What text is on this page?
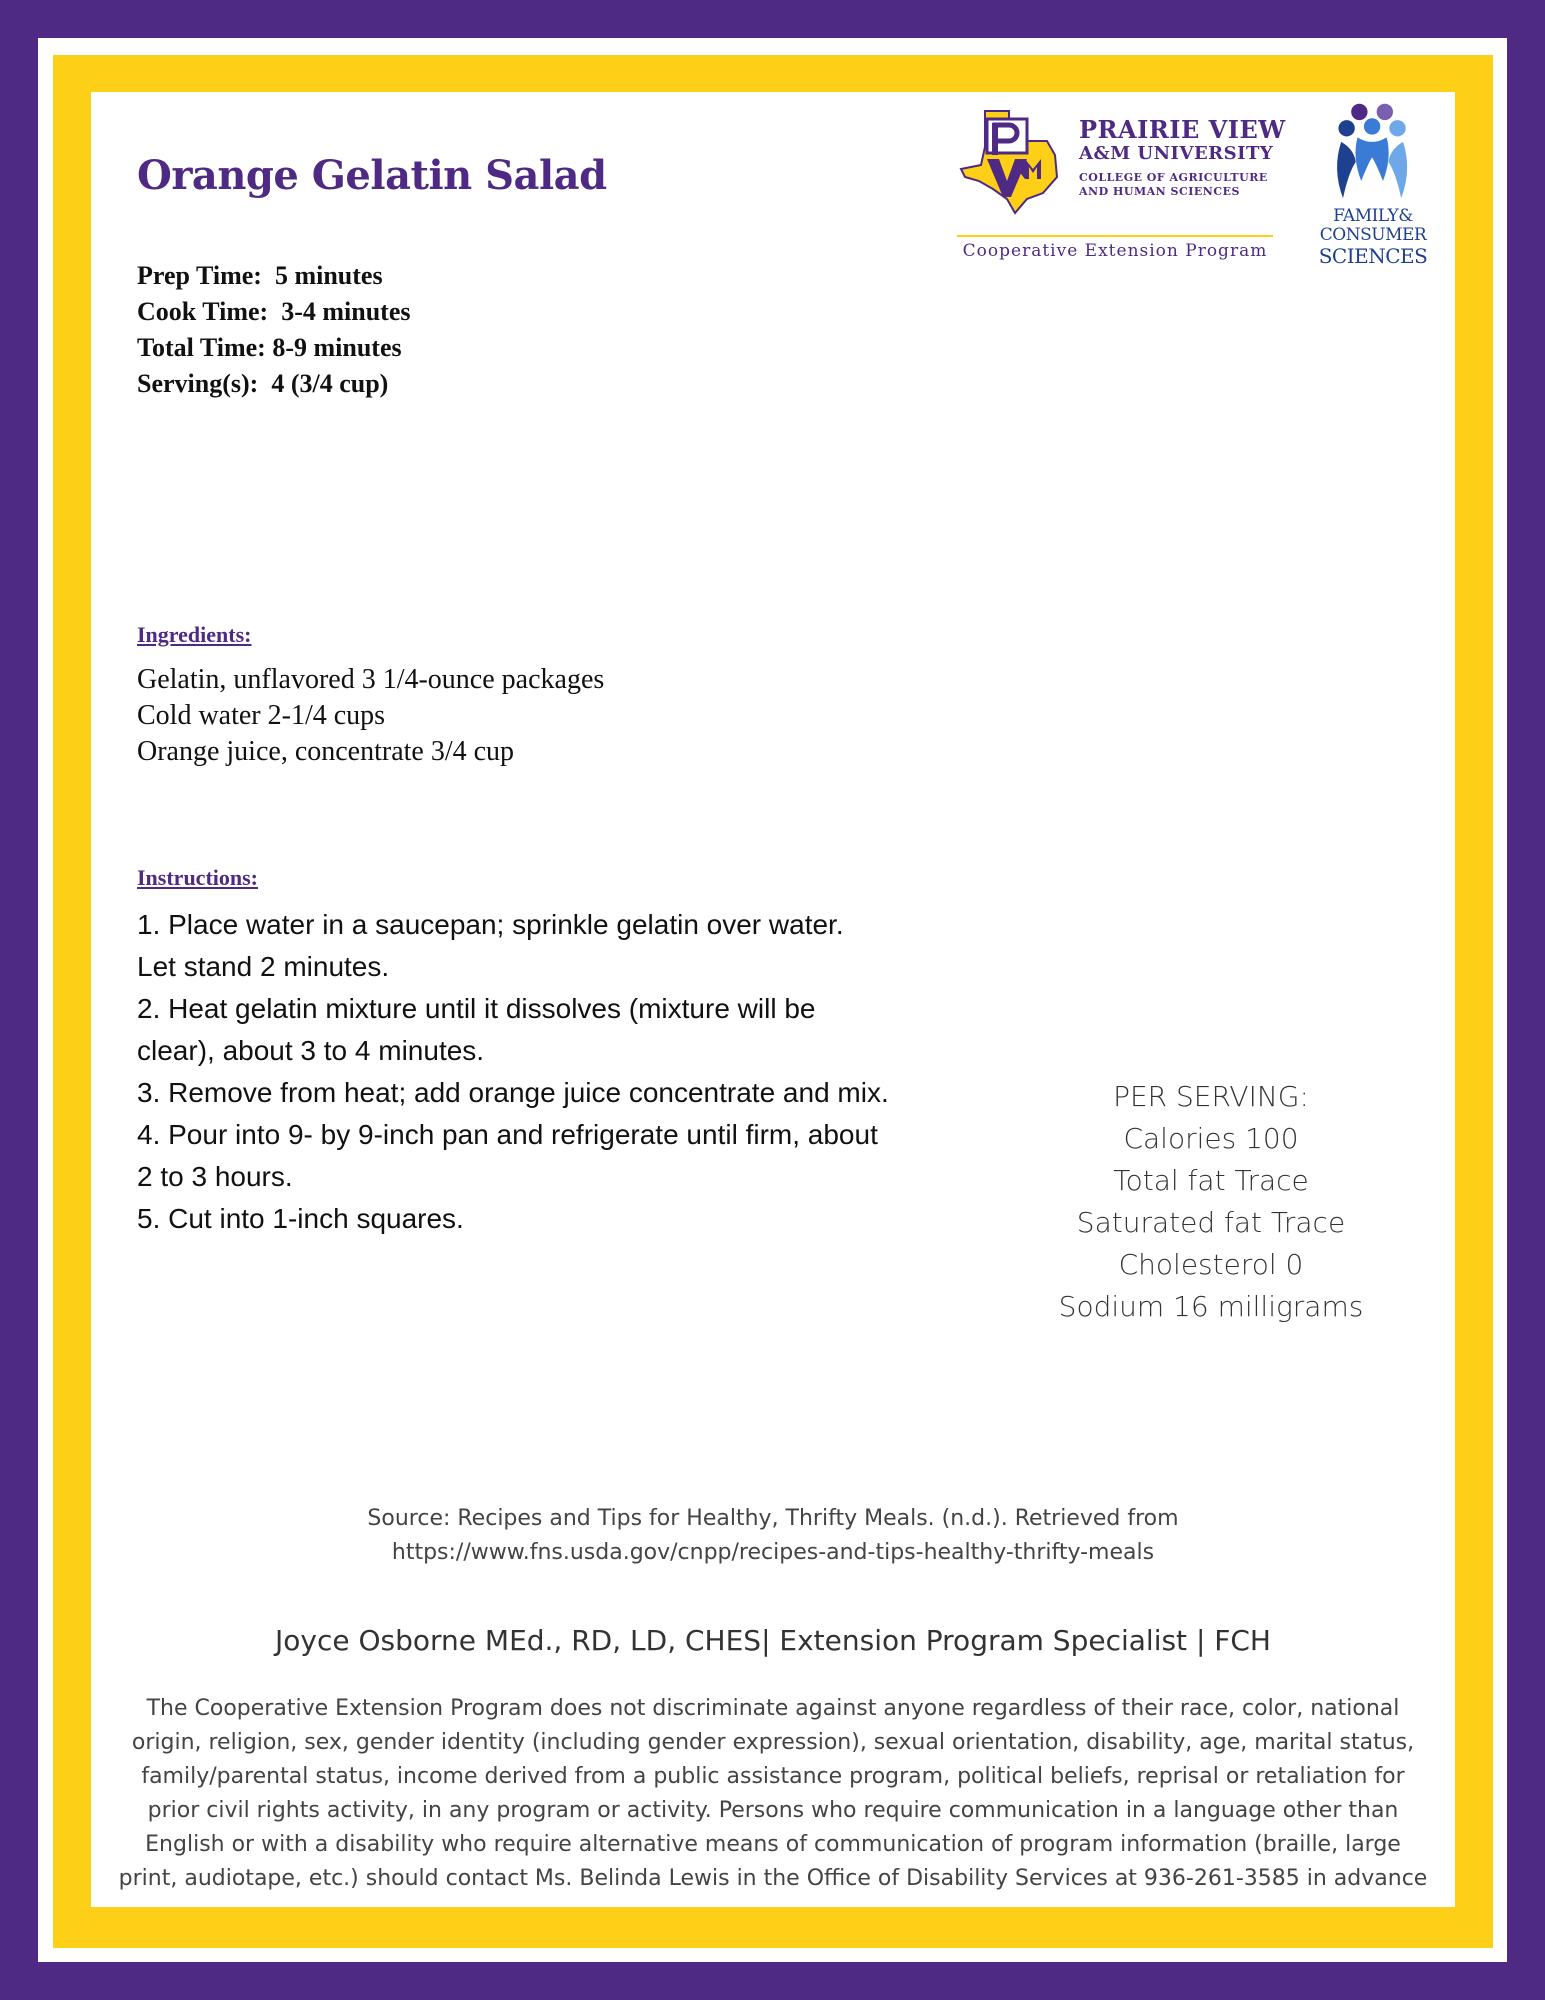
Orange Gelatin Salad
PRAIRIE VIEW
A&M UNIVERSITY
COLLEGE OF AGRICULTURE
AND HUMAN SCIENCES
Cooperative Extension Program
FAMILY&
CONSUMER
SCIENCES
Prep Time: 5 minutes
Cook Time: 3-4 minutes
Total Time: 8-9 minutes
Serving(s): 4 (3/4 cup)
Ingredients:
Gelatin, unflavored 3 1/4-ounce packages
Cold water 2-1/4 cups
Orange juice, concentrate 3/4 cup
Instructions:
1. Place water in a saucepan; sprinkle gelatin over water.
Let stand 2 minutes.
2. Heat gelatin mixture until it dissolves (mixture will be
clear), about 3 to 4 minutes.
3. Remove from heat; add orange juice concentrate and mix.
4. Pour into 9- by 9-inch pan and refrigerate until firm, about
2 to 3 hours.
5. Cut into 1-inch squares.
PER SERVING:
Calories 100
Total fat Trace
Saturated fat Trace
Cholesterol 0
Sodium 16 milligrams
Source: Recipes and Tips for Healthy, Thrifty Meals. (n.d.). Retrieved from
https://www.fns.usda.gov/cnpp/recipes-and-tips-healthy-thrifty-meals
Joyce Osborne MEd., RD, LD, CHES| Extension Program Specialist | FCH
The Cooperative Extension Program does not discriminate against anyone regardless of their race, color, national
origin, religion, sex, gender identity (including gender expression), sexual orientation, disability, age, marital status,
family/parental status, income derived from a public assistance program, political beliefs, reprisal or retaliation for
prior civil rights activity, in any program or activity. Persons who require communication in a language other than
English or with a disability who require alternative means of communication of program information (braille, large
print, audiotape, etc.) should contact Ms. Belinda Lewis in the Office of Disability Services at 936-261-3585 in advance
